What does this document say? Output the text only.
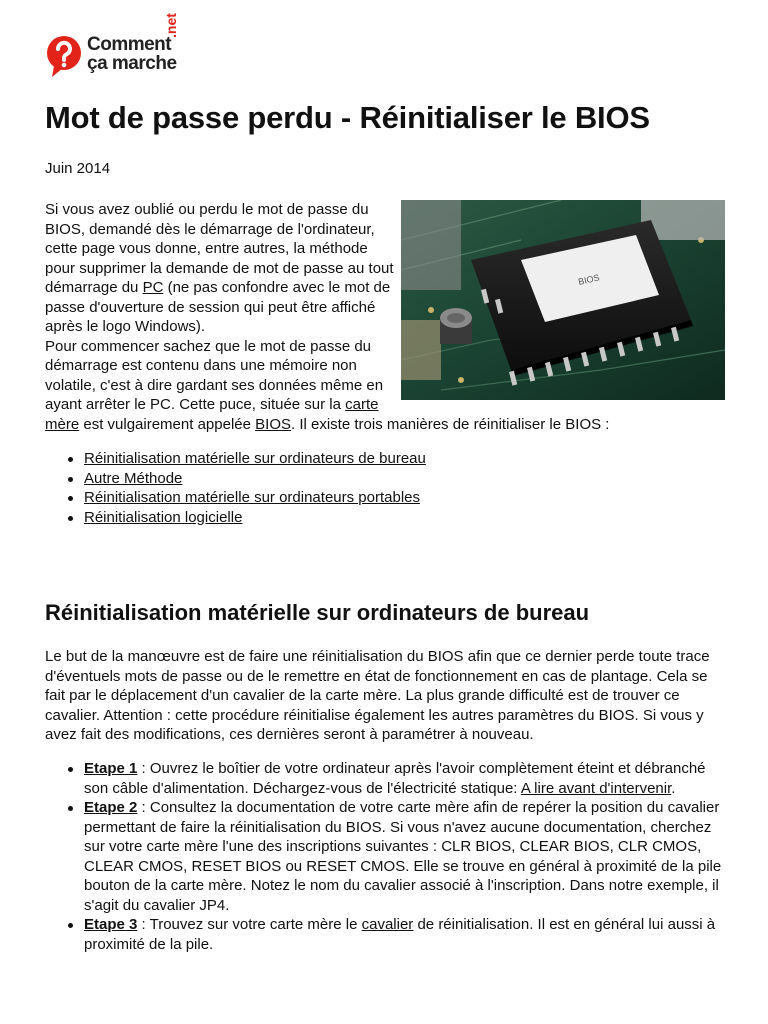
Comment
ça marche
.net
Mot de passe perdu - Réinitialiser le BIOS
Juin 2014
BIOS

Si vous avez oublié ou perdu le mot de passe du BIOS, demandé dès le démarrage de l'ordinateur, cette page vous donne, entre autres, la méthode pour supprimer la demande de mot de passe au tout démarrage du PC (ne pas confondre avec le mot de passe d'ouverture de session qui peut être affiché après le logo Windows).

Pour commencer sachez que le mot de passe du démarrage est contenu dans une mémoire non volatile, c'est à dire gardant ses données même en ayant arrêter le PC. Cette puce, située sur la carte mère est vulgairement appelée BIOS. Il existe trois manières de réinitialiser le BIOS :

Réinitialisation matérielle sur ordinateurs de bureau
Autre Méthode
Réinitialisation matérielle sur ordinateurs portables
Réinitialisation logicielle
Réinitialisation matérielle sur ordinateurs de bureau

Le but de la manœuvre est de faire une réinitialisation du BIOS afin que ce dernier perde toute trace d'éventuels mots de passe ou de le remettre en état de fonctionnement en cas de plantage. Cela se fait par le déplacement d'un cavalier de la carte mère. La plus grande difficulté est de trouver ce cavalier. Attention : cette procédure réinitialise également les autres paramètres du BIOS. Si vous y avez fait des modifications, ces dernières seront à paramétrer à nouveau.

Etape 1 : Ouvrez le boîtier de votre ordinateur après l'avoir complètement éteint et débranché son câble d'alimentation. Déchargez-vous de l'électricité statique: A lire avant d'intervenir.
Etape 2 : Consultez la documentation de votre carte mère afin de repérer la position du cavalier permettant de faire la réinitialisation du BIOS. Si vous n'avez aucune documentation, cherchez sur votre carte mère l'une des inscriptions suivantes : CLR BIOS, CLEAR BIOS, CLR CMOS, CLEAR CMOS, RESET BIOS ou RESET CMOS. Elle se trouve en général à proximité de la pile bouton de la carte mère. Notez le nom du cavalier associé à l'inscription. Dans notre exemple, il s'agit du cavalier JP4.
Etape 3 : Trouvez sur votre carte mère le cavalier de réinitialisation. Il est en général lui aussi à proximité de la pile.
